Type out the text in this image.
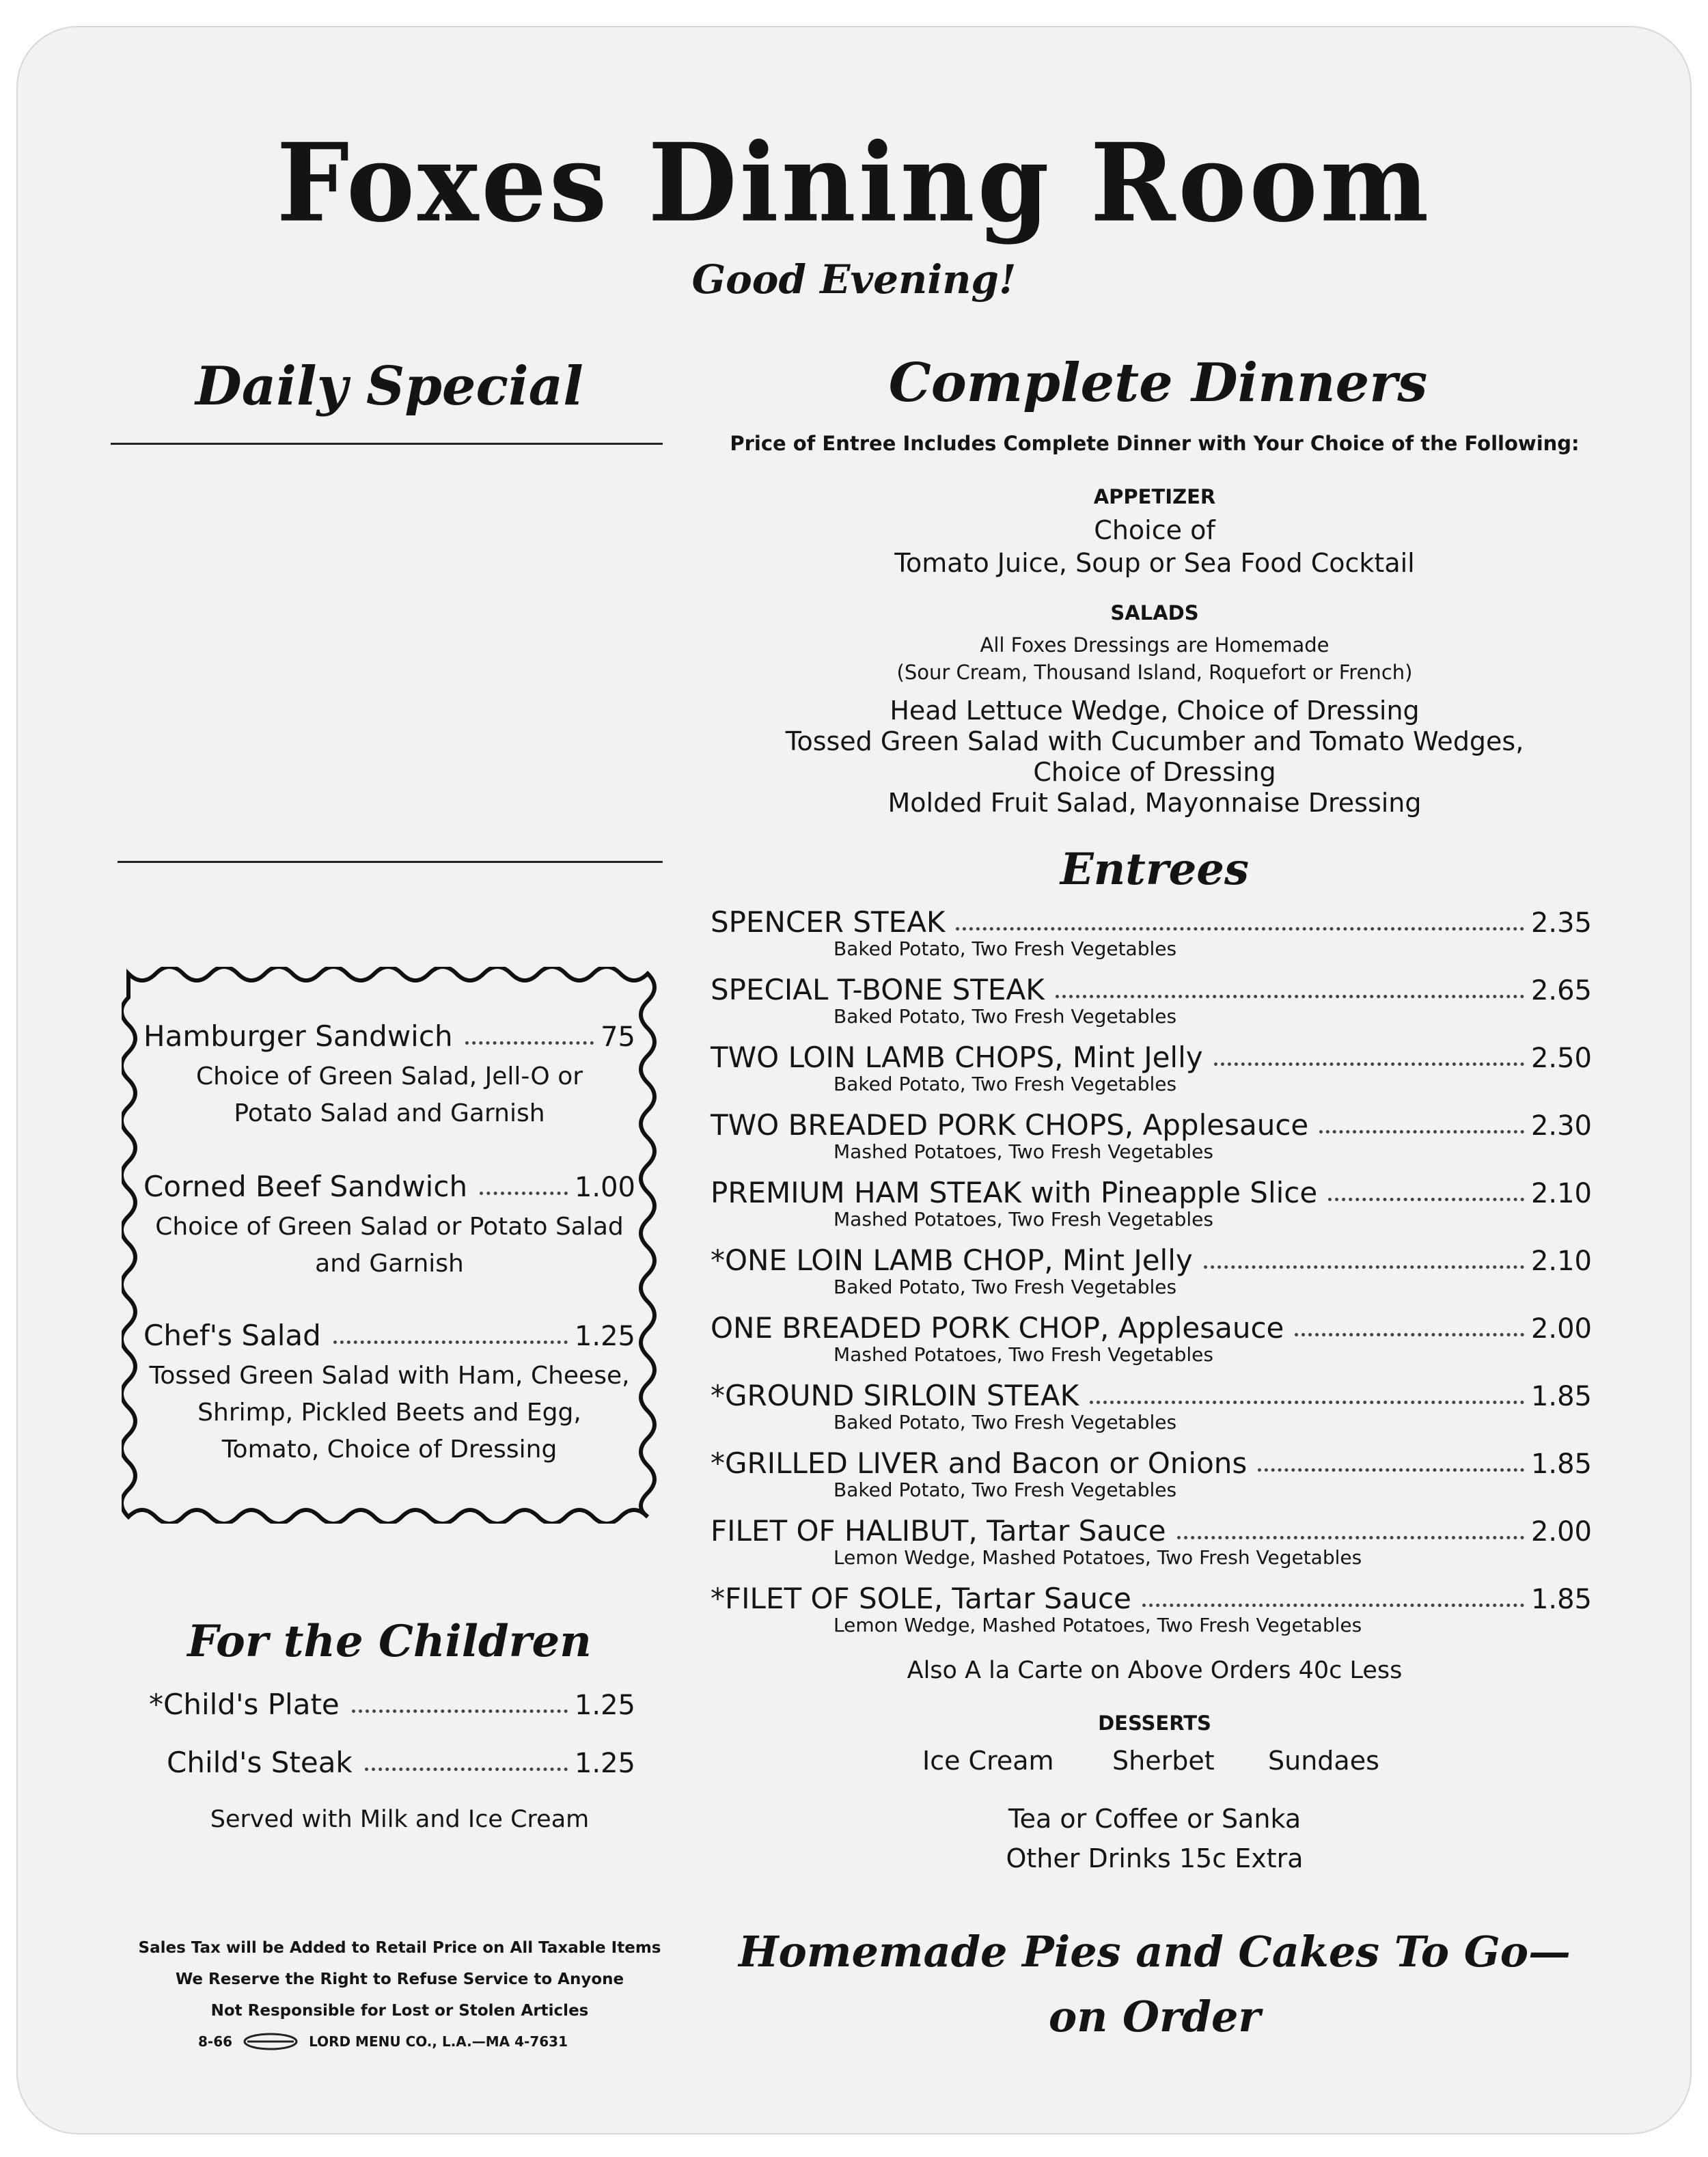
Foxes Dining Room
Good Evening!
Daily Special
Hamburger Sandwich	75
Choice of Green Salad, Jell-O or
Potato Salad and Garnish
Corned Beef Sandwich	1.00
Choice of Green Salad or Potato Salad
and Garnish
Chef's Salad	1.25
Tossed Green Salad with Ham, Cheese,
Shrimp, Pickled Beets and Egg,
Tomato, Choice of Dressing
For the Children
*Child's Plate	1.25
Child's Steak	1.25
Served with Milk and Ice Cream
Sales Tax will be Added to Retail Price on All Taxable Items
We Reserve the Right to Refuse Service to Anyone
Not Responsible for Lost or Stolen Articles
8-66	LORD MENU CO., L.A.—MA 4-7631
Complete Dinners
Price of Entree Includes Complete Dinner with Your Choice of the Following:
APPETIZER
Choice of
Tomato Juice, Soup or Sea Food Cocktail
SALADS
All Foxes Dressings are Homemade
(Sour Cream, Thousand Island, Roquefort or French)
Head Lettuce Wedge, Choice of Dressing
Tossed Green Salad with Cucumber and Tomato Wedges,
Choice of Dressing
Molded Fruit Salad, Mayonnaise Dressing
Entrees
SPENCER STEAK	2.35
Baked Potato, Two Fresh Vegetables
SPECIAL T-BONE STEAK	2.65
Baked Potato, Two Fresh Vegetables
TWO LOIN LAMB CHOPS, Mint Jelly	2.50
Baked Potato, Two Fresh Vegetables
TWO BREADED PORK CHOPS, Applesauce	2.30
Mashed Potatoes, Two Fresh Vegetables
PREMIUM HAM STEAK with Pineapple Slice	2.10
Mashed Potatoes, Two Fresh Vegetables
*ONE LOIN LAMB CHOP, Mint Jelly	2.10
Baked Potato, Two Fresh Vegetables
ONE BREADED PORK CHOP, Applesauce	2.00
Mashed Potatoes, Two Fresh Vegetables
*GROUND SIRLOIN STEAK	1.85
Baked Potato, Two Fresh Vegetables
*GRILLED LIVER and Bacon or Onions	1.85
Baked Potato, Two Fresh Vegetables
FILET OF HALIBUT, Tartar Sauce	2.00
Lemon Wedge, Mashed Potatoes, Two Fresh Vegetables
*FILET OF SOLE, Tartar Sauce	1.85
Lemon Wedge, Mashed Potatoes, Two Fresh Vegetables
Also A la Carte on Above Orders 40c Less
DESSERTS
Ice Cream Sherbet Sundaes
Tea or Coffee or Sanka
Other Drinks 15c Extra
Homemade Pies and Cakes To Go—
on Order
